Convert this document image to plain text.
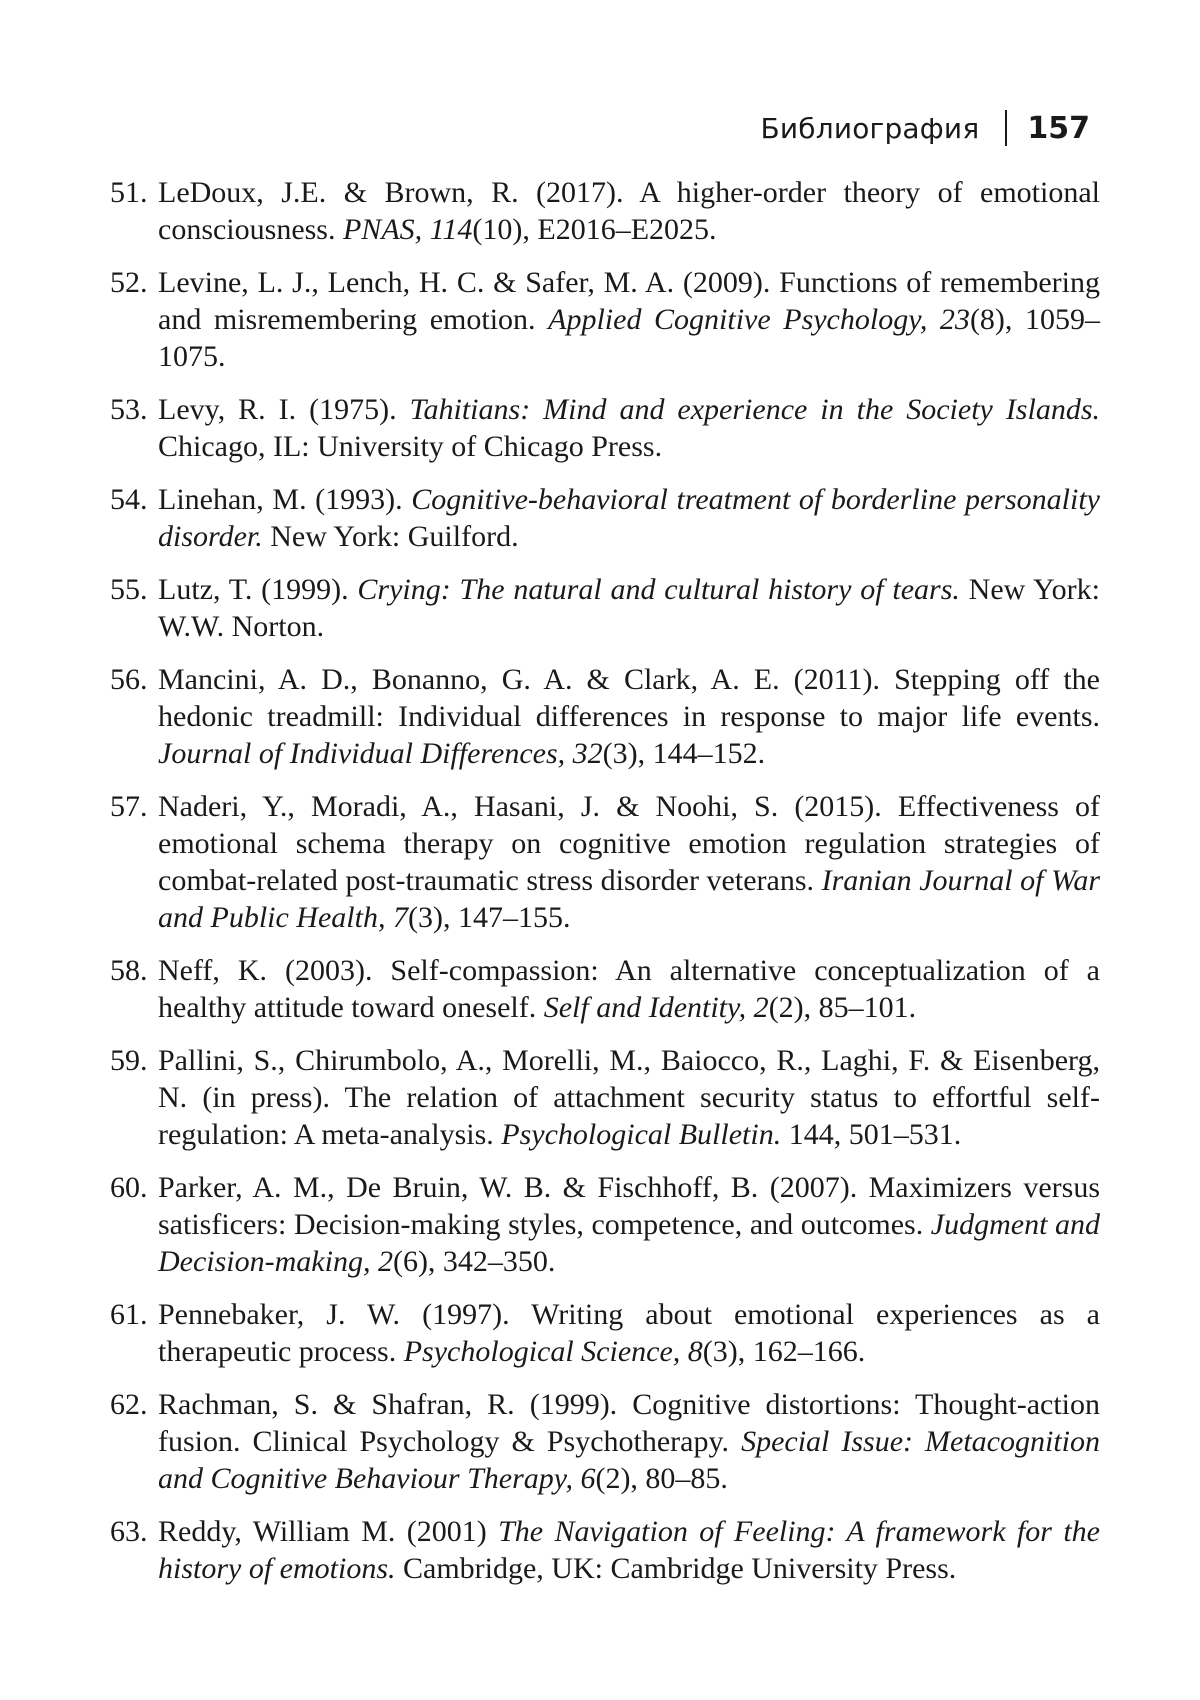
Библиография 157
51. LeDoux, J.E. & Brown, R. (2017). A higher-order theory of emotional consciousness. PNAS, 114(10), E2016–E2025.
52. Levine, L. J., Lench, H. C. & Safer, M. A. (2009). Functions of remembering and misremembering emotion. Applied Cognitive Psychology, 23(8), 1059–1075.
53. Levy, R. I. (1975). Tahitians: Mind and experience in the Society Islands. Chicago, IL: University of Chicago Press.
54. Linehan, M. (1993). Cognitive-behavioral treatment of borderline personality disorder. New York: Guilford.
55. Lutz, T. (1999). Crying: The natural and cultural history of tears. New York: W.W. Norton.
56. Mancini, A. D., Bonanno, G. A. & Clark, A. E. (2011). Stepping off the hedonic treadmill: Individual differences in response to major life events. Journal of Individual Differences, 32(3), 144–152.
57. Naderi, Y., Moradi, A., Hasani, J. & Noohi, S. (2015). Effectiveness of emotional schema therapy on cognitive emotion regulation strategies of combat-related post-traumatic stress disorder veterans. Iranian Journal of War and Public Health, 7(3), 147–155.
58. Neff, K. (2003). Self-compassion: An alternative conceptualization of a healthy attitude toward oneself. Self and Identity, 2(2), 85–101.
59. Pallini, S., Chirumbolo, A., Morelli, M., Baiocco, R., Laghi, F. & Eisenberg, N. (in press). The relation of attachment security status to effortful self-regulation: A meta-analysis. Psychological Bulletin. 144, 501–531.
60. Parker, A. M., De Bruin, W. B. & Fischhoff, B. (2007). Maximizers versus satisficers: Decision-making styles, competence, and outcomes. Judgment and Decision-making, 2(6), 342–350.
61. Pennebaker, J. W. (1997). Writing about emotional experiences as a therapeutic process. Psychological Science, 8(3), 162–166.
62. Rachman, S. & Shafran, R. (1999). Cognitive distortions: Thought-action fusion. Clinical Psychology & Psychotherapy. Special Issue: Metacognition and Cognitive Behaviour Therapy, 6(2), 80–85.
63. Reddy, William M. (2001) The Navigation of Feeling: A framework for the history of emotions. Cambridge, UK: Cambridge University Press.
